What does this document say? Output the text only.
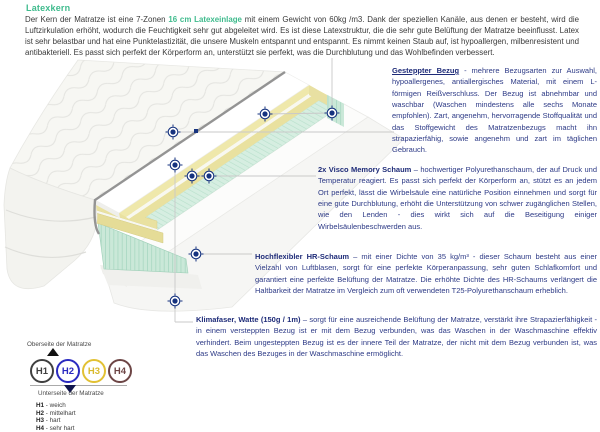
Latexkern
Der Kern der Matratze ist eine 7-Zonen 16 cm Latexeinlage mit einem Gewicht von 60kg /m3. Dank der speziellen Kanäle, aus denen er besteht, wird die Luftzirkulation erhöht, wodurch die Feuchtigkeit sehr gut abgeleitet wird. Es ist diese Latexstruktur, die die sehr gute Belüftung der Matratze beeinflusst. Latex ist sehr belastbar und hat eine Punktelastizität, die unsere Muskeln entspannt und entspannt. Es nimmt keinen Staub auf, ist hypoallergen, milbenresistent und antibakteriell. Es passt sich perfekt der Körperform an, unterstützt sie perfekt, was die Durchblutung und das Wohlbefinden verbessert.
Gesteppter Bezug - mehrere Bezugsarten zur Auswahl, hypoallergenes, antiallergisches Material, mit einem L-förmigen Reißverschluss. Der Bezug ist abnehmbar und waschbar (Waschen mindestens alle sechs Monate empfohlen). Zart, angenehm, hervorragende Stoffqualität und das Stoffgewicht des Matratzenbezugs macht ihn strapazierfähig, sowie angenehm und zart im täglichen Gebrauch.
2x Visco Memory Schaum – hochwertiger Polyurethanschaum, der auf Druck und Temperatur reagiert. Es passt sich perfekt der Körperform an, stützt es an jedem Ort perfekt, lässt die Wirbelsäule eine natürliche Position einnehmen und sorgt für eine gute Durchblutung, erhöht die Unterstützung von schwer zugänglichen Stellen, wie den Lenden - dies wirkt sich auf die Beseitigung einiger Wirbelsäulenbeschwerden aus.
Hochflexibler HR-Schaum – mit einer Dichte von 35 kg/m³ - dieser Schaum besteht aus einer Vielzahl von Luftblasen, sorgt für eine perfekte Körperanpassung, sehr guten Schlafkomfort und garantiert eine perfekte Belüftung der Matratze. Die erhöhte Dichte des HR-Schaums verlängert die Haltbarkeit der Matratze im Vergleich zum oft verwendeten T25-Polyurethanschaum erheblich.
Klimafaser, Watte (150g / 1m) – sorgt für eine ausreichende Belüftung der Matratze, verstärkt ihre Strapazierfähigkeit - in einem versteppten Bezug ist er mit dem Bezug verbunden, was das Waschen in der Waschmaschine effektiv verhindert. Beim ungesteppten Bezug ist es der innere Teil der Matratze, der nicht mit dem Bezug verbunden ist, was das Waschen des Bezuges in der Waschmaschine ermöglicht.
Oberseite der Matratze
H1	H2	H3	H4
Unterseite der Matratze
H1 - weich
H2 - mittelhart
H3 - hart
H4 - sehr hart
